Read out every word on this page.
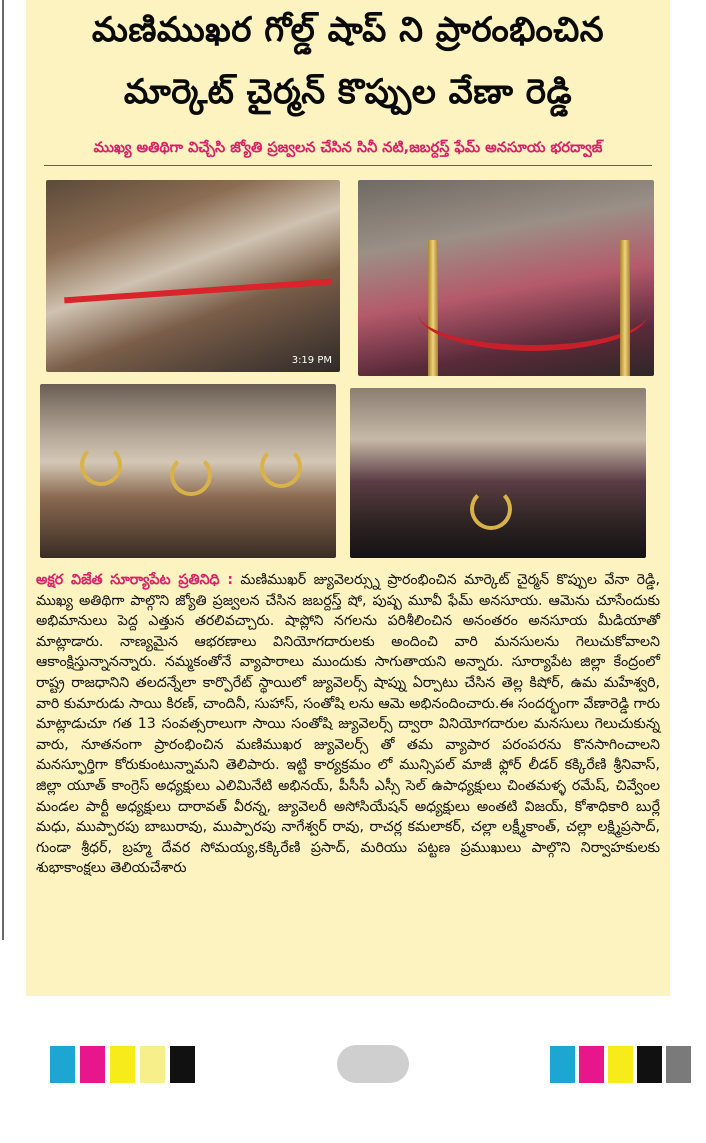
మణిముఖర గోల్డ్ షాప్ ని ప్రారంభించిన
మార్కెట్ చైర్మన్ కొప్పుల వేణా రెడ్డి
ముఖ్య అతిథిగా విచ్చేసి జ్యోతి ప్రజ్వలన చేసిన సినీ నటి,జబర్దస్త్ ఫేమ్ అనసూయ భరద్వాజ్
3:19 PM

అక్షర విజేత సూర్యాపేట ప్రతినిధి : మణిముఖర్ జ్యువెలర్స్ను ప్రారంభించిన మార్కెట్ చైర్మన్ కొప్పుల వేనా రెడ్డి, ముఖ్య అతిథిగా పాల్గొని జ్యోతి ప్రజ్వలన చేసిన జబర్దస్త్ షో, పుష్ప మూవీ ఫేమ్ అనసూయ. ఆమెను చూసేందుకు అభిమానులు పెద్ద ఎత్తున తరలివచ్చారు. షాప్లోని నగలను పరిశీలించిన అనంతరం అనసూయ మీడియాతో మాట్లాడారు. నాణ్యమైన ఆభరణాలు వినియోగదారులకు అందించి వారి మనసులను గెలుచుకోవాలని ఆకాంక్షిస్తున్నానన్నారు. నమ్మకంతోనే వ్యాపారాలు ముందుకు సాగుతాయని అన్నారు. సూర్యాపేట జిల్లా కేంద్రంలో రాష్ట్ర రాజధానిని తలదన్నేలా కార్పొరేట్ స్థాయిలో జ్యువెలర్స్ షాప్ను ఏర్పాటు చేసిన తెల్ల కిషోర్, ఉమ మహేశ్వరి, వారి కుమారుడు సాయి కిరణ్, చాందినీ, సుహాస్, సంతోషి లను ఆమె అభినందించారు.ఈ సందర్భంగా వేణారెడ్డి గారు మాట్లాడుచూ గత 13 సంవత్సరాలుగా సాయి సంతోషి జ్యువెలర్స్ ద్వారా వినియోగదారుల మనసులు గెలుచుకున్న వారు, నూతనంగా ప్రారంభించిన మణిముఖర జ్యువెలర్స్ తో తమ వ్యాపార పరంపరను కొనసాగించాలని మనస్ఫూర్తిగా కోరుకుంటున్నామని తెలిపారు. ఇట్టి కార్యక్రమం లో మున్సిపల్ మాజీ ఫ్లోర్ లీడర్ కక్కిరేణి శ్రీనివాస్, జిల్లా యూత్ కాంగ్రెస్ అధ్యక్షులు ఎలిమినేటి అభినయ్, పీసీసీ ఎస్సీ సెల్ ఉపాధ్యక్షులు చింతమళ్ళ రమేష్, చివ్వేంల మండల పార్టీ అధ్యక్షులు దారావత్ వీరన్న, జ్యువెలరీ అసోసియేషన్ అధ్యక్షులు అంతటి విజయ్, కోశాధికారి బుర్లే మధు, ముప్పారపు బాబురావు, ముప్పారపు నాగేశ్వర్ రావు, రాచర్ల కమలాకర్, చల్లా లక్ష్మీకాంత్, చల్లా లక్ష్మిప్రసాద్, గుండా శ్రీధర్, బ్రహ్మ దేవర సోమయ్య,కక్కిరేణి ప్రసాద్, మరియు పట్టణ ప్రముఖులు పాల్గొని నిర్వాహకులకు శుభాకాంక్షలు తెలియచేశారు
